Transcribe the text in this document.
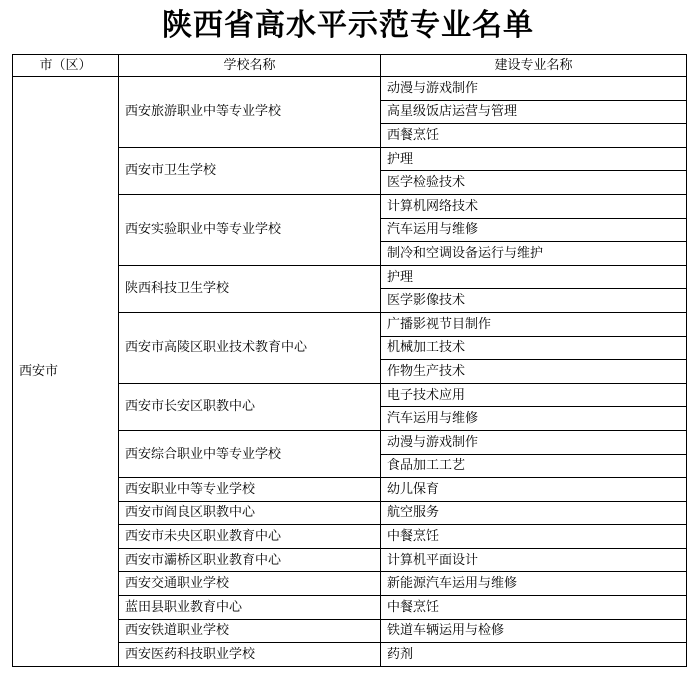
陕西省高水平示范专业名单
市（区）	学校名称	建设专业名称
西安市	西安旅游职业中等专业学校	动漫与游戏制作
		高星级饭店运营与管理
		西餐烹饪
	西安市卫生学校	护理
		医学检验技术
	西安实验职业中等专业学校	计算机网络技术
		汽车运用与维修
		制冷和空调设备运行与维护
	陕西科技卫生学校	护理
		医学影像技术
	西安市高陵区职业技术教育中心	广播影视节目制作
		机械加工技术
		作物生产技术
	西安市长安区职教中心	电子技术应用
		汽车运用与维修
	西安综合职业中等专业学校	动漫与游戏制作
		食品加工工艺
	西安职业中等专业学校	幼儿保育
	西安市阎良区职教中心	航空服务
	西安市未央区职业教育中心	中餐烹饪
	西安市灞桥区职业教育中心	计算机平面设计
	西安交通职业学校	新能源汽车运用与维修
	蓝田县职业教育中心	中餐烹饪
	西安铁道职业学校	铁道车辆运用与检修
	西安医药科技职业学校	药剂
